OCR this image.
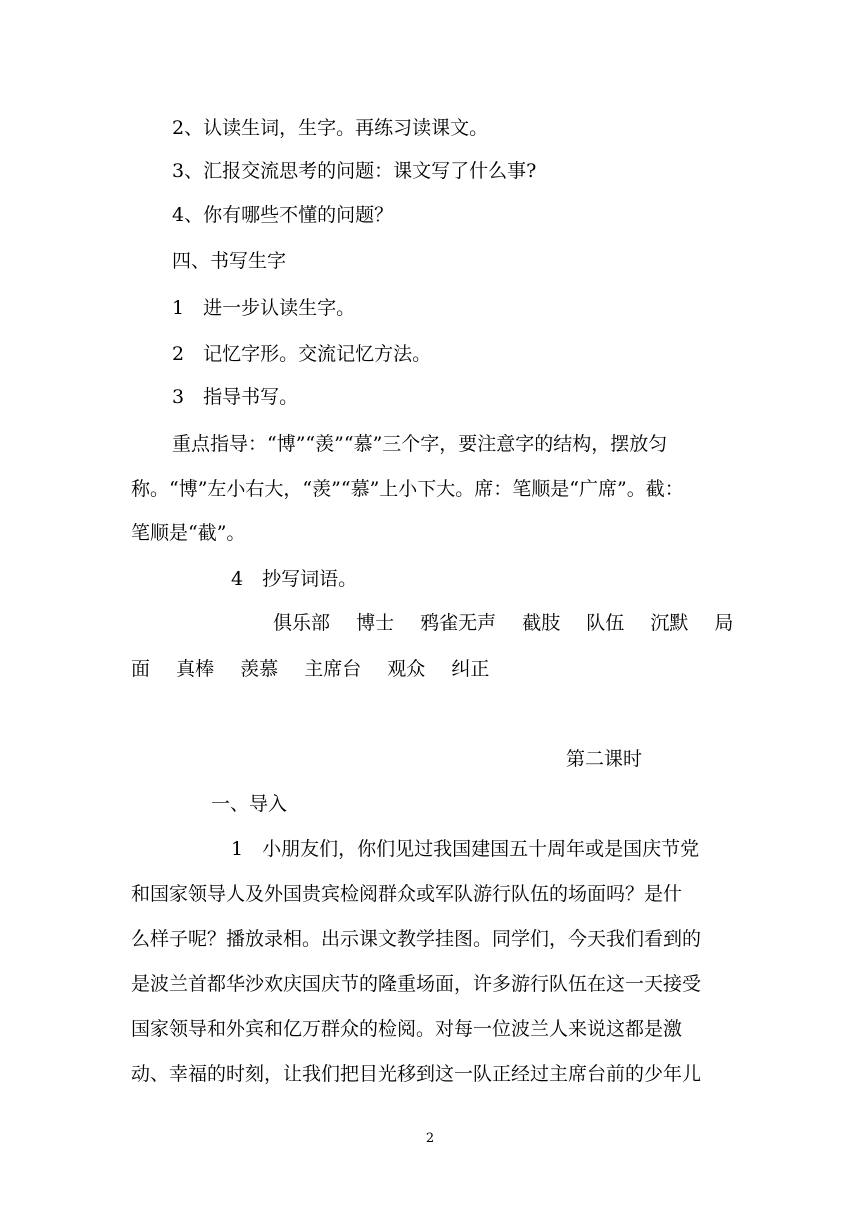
2、认读生词，生字。再练习读课文。
3、汇报交流思考的问题：课文写了什么事?
4、你有哪些不懂的问题？
四、书写生字
1　进一步认读生字。
2　记忆字形。交流记忆方法。
3　指导书写。
重点指导：“博”“羡”“慕”三个字，要注意字的结构，摆放匀
称。“博”左小右大，“羡”“慕”上小下大。席：笔顺是“广席”。截：
笔顺是“截”。
4　抄写词语。
俱乐部 博士 鸦雀无声 截肢 队伍 沉默 局
面 真棒 羡慕 主席台 观众 纠正
第二课时
一、导入
1　小朋友们，你们见过我国建国五十周年或是国庆节党
和国家领导人及外国贵宾检阅群众或军队游行队伍的场面吗？是什
么样子呢？播放录相。出示课文教学挂图。同学们，今天我们看到的
是波兰首都华沙欢庆国庆节的隆重场面，许多游行队伍在这一天接受
国家领导和外宾和亿万群众的检阅。对每一位波兰人来说这都是激
动、幸福的时刻，让我们把目光移到这一队正经过主席台前的少年儿
2
